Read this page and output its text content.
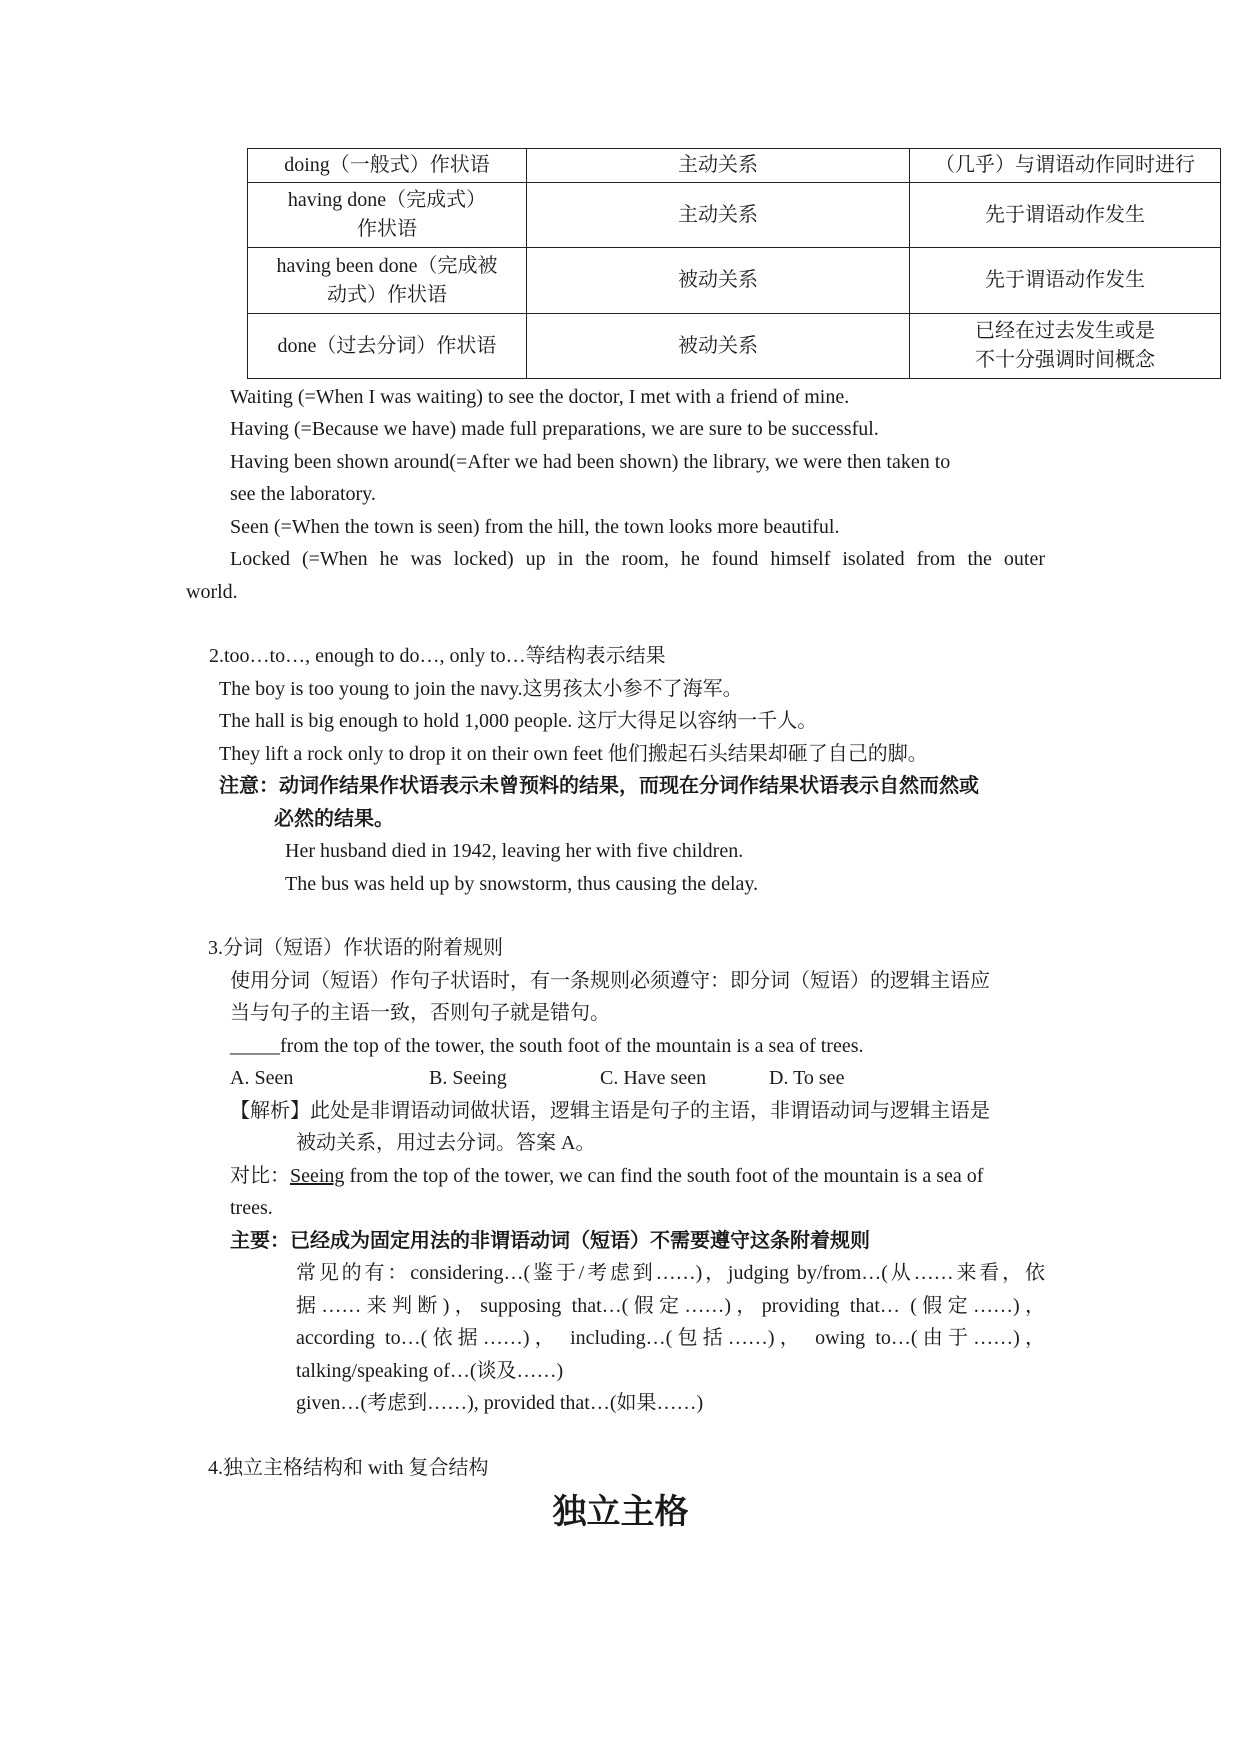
doing（一般式）作状语	主动关系	（几乎）与谓语动作同时进行

having done（完成式）
作状语	主动关系	先于谓语动作发生

having been done（完成被
动式）作状语	被动关系	先于谓语动作发生
done（过去分词）作状语	被动关系	已经在过去发生或是
不十分强调时间概念
Waiting (=When I was waiting) to see the doctor, I met with a friend of mine.
Having (=Because we have) made full preparations, we are sure to be successful.
Having been shown around(=After we had been shown) the library, we were then taken to
see the laboratory.
Seen (=When the town is seen) from the hill, the town looks more beautiful.
Locked (=When he was locked) up in the room, he found himself isolated from the outer
world.
2.too…to…, enough to do…, only to…等结构表示结果
The boy is too young to join the navy.这男孩太小参不了海军。
The hall is big enough to hold 1,000 people. 这厅大得足以容纳一千人。
They lift a rock only to drop it on their own feet 他们搬起石头结果却砸了自己的脚。
注意：动词作结果作状语表示未曾预料的结果，而现在分词作结果状语表示自然而然或
必然的结果。
Her husband died in 1942, leaving her with five children.
The bus was held up by snowstorm, thus causing the delay.
3.分词（短语）作状语的附着规则
使用分词（短语）作句子状语时，有一条规则必须遵守：即分词（短语）的逻辑主语应
当与句子的主语一致，否则句子就是错句。
_____from the top of the tower, the south foot of the mountain is a sea of trees.
A. Seen	B. Seeing	C. Have seen	D. To see
【解析】此处是非谓语动词做状语，逻辑主语是句子的主语，非谓语动词与逻辑主语是
被动关系，用过去分词。答案 A。
对比：Seeing from the top of the tower, we can find the south foot of the mountain is a sea of
trees.
主要：已经成为固定用法的非谓语动词（短语）不需要遵守这条附着规则
常见的有：considering…(鉴于/考虑到……)，judging by/from…(从……来看，依
据……来判断)，supposing that…(假定……)，providing that… (假定……)，
according to…(依据……)， including…(包括……)， owing to…(由于……)，
talking/speaking of…(谈及……)
given…(考虑到……), provided that…(如果……)
4.独立主格结构和 with 复合结构
独立主格
